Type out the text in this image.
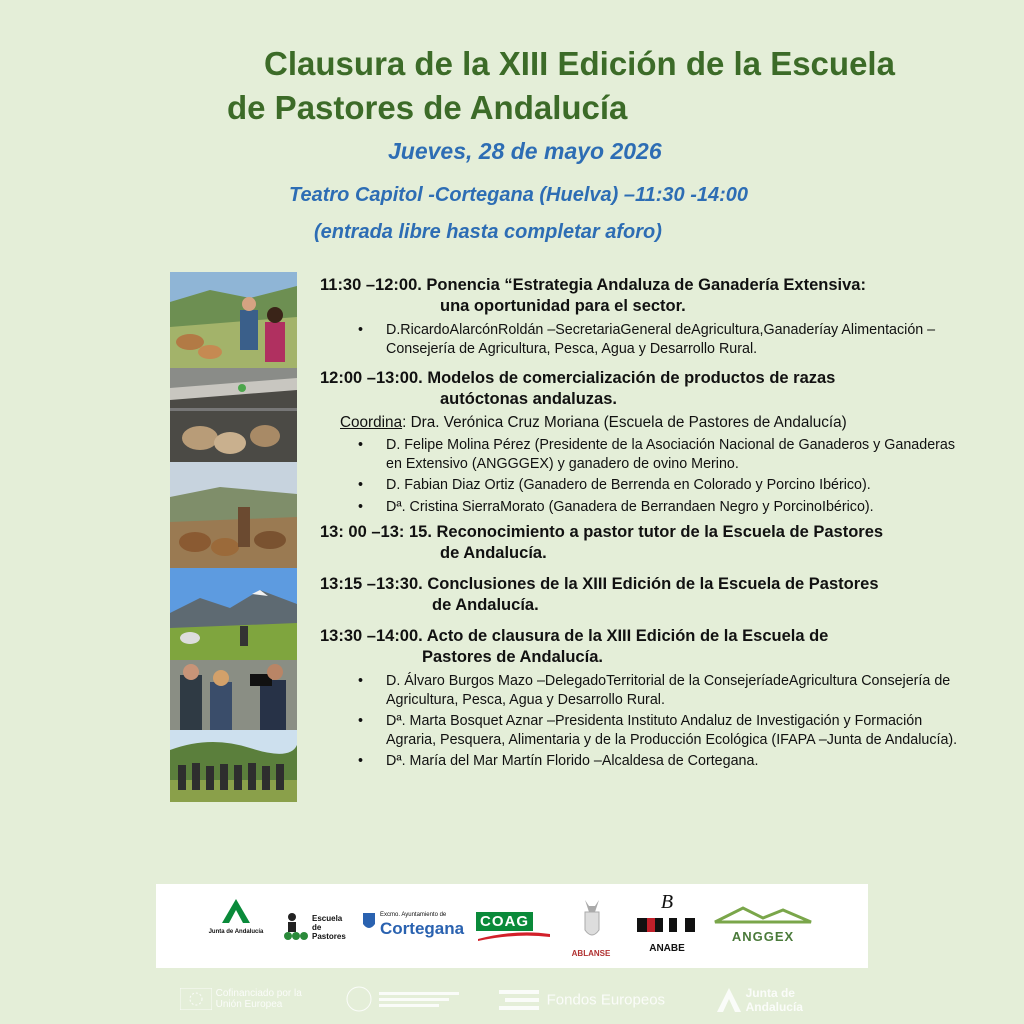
Clausura de la XIII Edición de la Escuela
de Pastores de Andalucía
Jueves, 28 de mayo 2026
Teatro Capitol -Cortegana (Huelva) –11:30 -14:00
(entrada libre hasta completar aforo)
11:30 –12:00. Ponencia “Estrategia Andaluza de Ganadería Extensiva:
una oportunidad para el sector.
• D.RicardoAlarcónRoldán –SecretariaGeneral deAgricultura,Ganaderíay Alimentación –Consejería de Agricultura, Pesca, Agua y Desarrollo Rural.
12:00 –13:00. Modelos de comercialización de productos de razas
autóctonas andaluzas.
Coordina: Dra. Verónica Cruz Moriana (Escuela de Pastores de Andalucía)
• D. Felipe Molina Pérez (Presidente de la Asociación Nacional de Ganaderos y Ganaderas en Extensivo (ANGGGEX) y ganadero de ovino Merino.
• D. Fabian Diaz Ortiz (Ganadero de Berrenda en Colorado y Porcino Ibérico).
• Dª. Cristina SierraMorato (Ganadera de Berrandaen Negro y PorcinoIbérico).
13: 00 –13: 15. Reconocimiento a pastor tutor de la Escuela de Pastores
de Andalucía.
13:15 –13:30. Conclusiones de la XIII Edición de la Escuela de Pastores
de Andalucía.
13:30 –14:00. Acto de clausura de la XIII Edición de la Escuela de
Pastores de Andalucía.
• D. Álvaro Burgos Mazo –DelegadoTerritorial de la ConsejeríadeAgricultura Consejería de Agricultura, Pesca, Agua y Desarrollo Rural.
• Dª. Marta Bosquet Aznar –Presidenta Instituto Andaluz de Investigación y Formación Agraria, Pesquera, Alimentaria y de la Producción Ecológica (IFAPA –Junta de Andalucía).
• Dª. María del Mar Martín Florido –Alcaldesa de Cortegana.
Junta de Andalucía
Escuela de Pastores
Excmo. Ayuntamiento de
Cortegana COAG
ABLANSE
B
ANABE
ANGGEX
Cofinanciado por la Unión Europea	Fondos Europeos	Junta de Andalucía
